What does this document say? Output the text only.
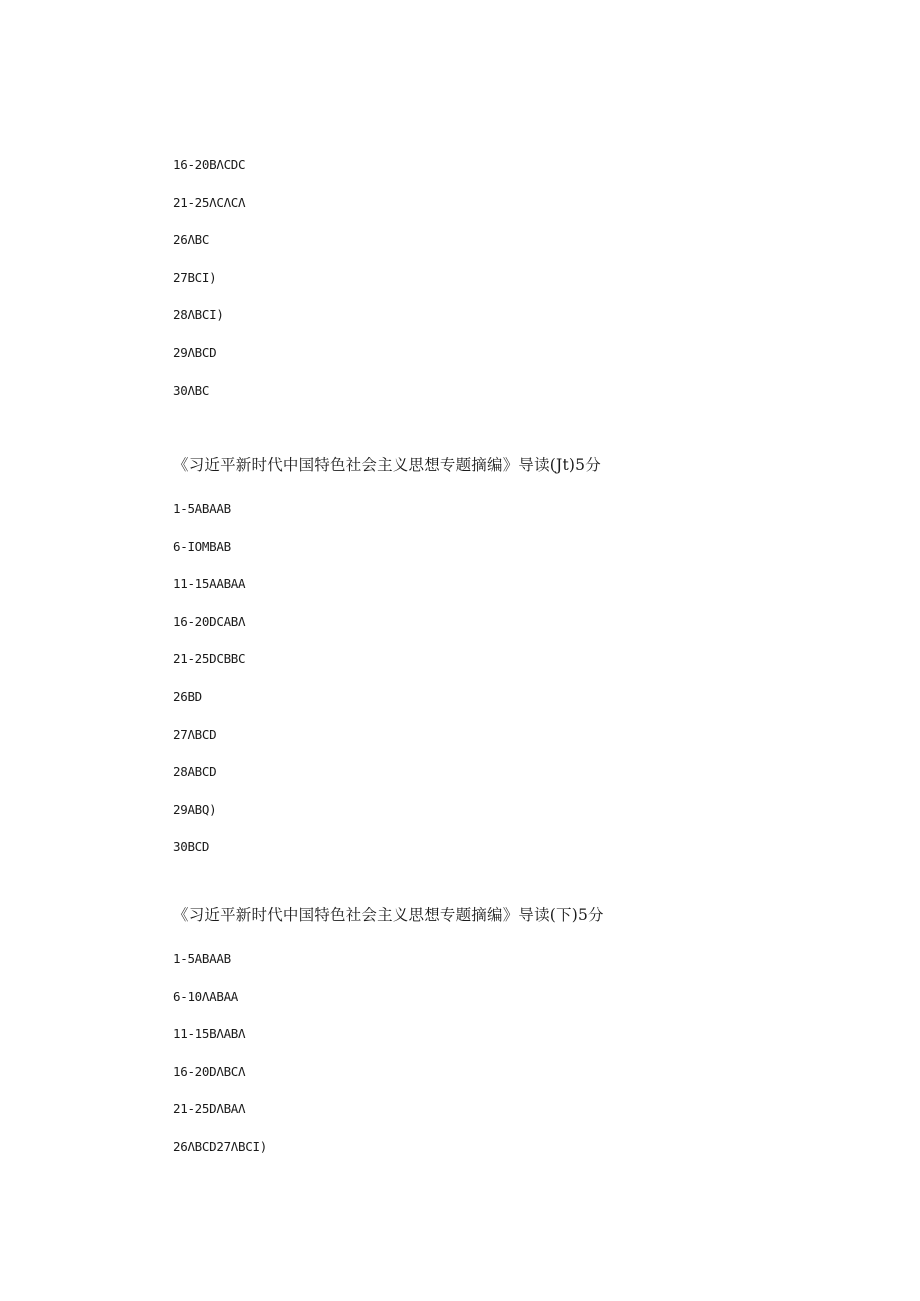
16-20BΛCDC
21-25ΛCΛCΛ
26ΛBC
27BCI)
28ΛBCI)
29ΛBCD
30ΛBC
《习近平新时代中国特色社会主义思想专题摘编》导读(Jt)5分
1-5ABAAB
6-IOMBAB
11-15AABAA
16-20DCABΛ
21-25DCBBC
26BD
27ΛBCD
28ABCD
29ABQ)
30BCD
《习近平新时代中国特色社会主义思想专题摘编》导读(下)5分
1-5ABAAB
6-10ΛABAA
11-15BΛABΛ
16-20DΛBCΛ
21-25DΛBAΛ
26ΛBCD27ΛBCI)
